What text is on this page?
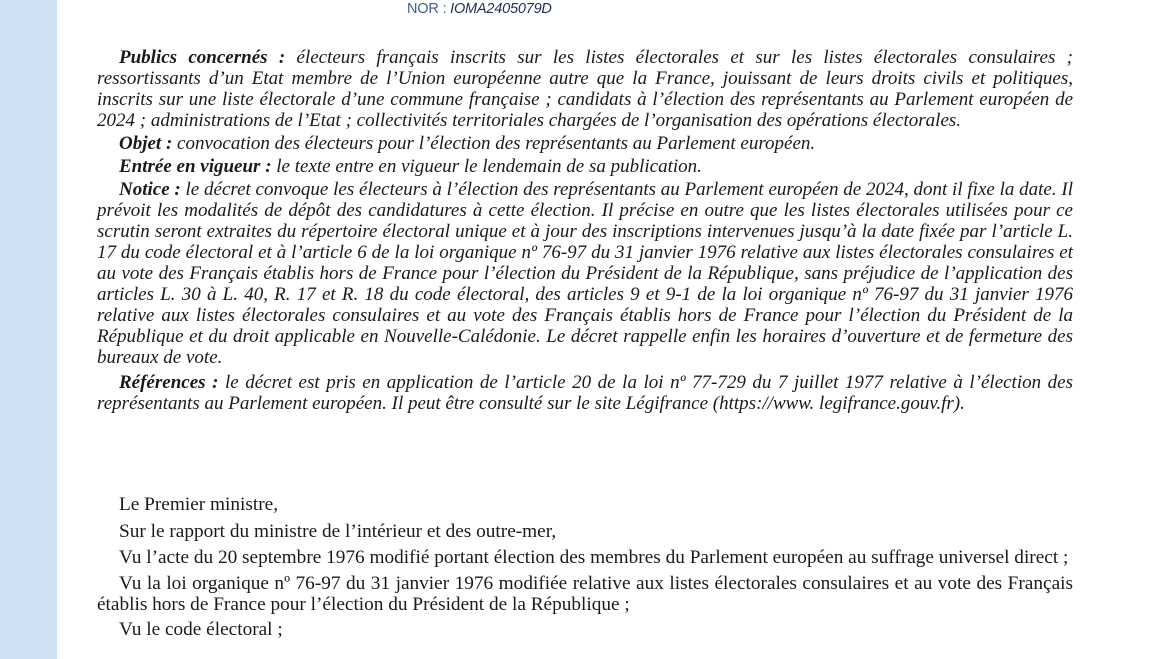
NOR : IOMA2405079D

Publics concernés : électeurs français inscrits sur les listes électorales et sur les listes électorales consulaires ; ressortissants d’un Etat membre de l’Union européenne autre que la France, jouissant de leurs droits civils et politiques, inscrits sur une liste électorale d’une commune française ; candidats à l’élection des représentants au Parlement européen de 2024 ; administrations de l’Etat ; collectivités territoriales chargées de l’organisation des opérations électorales.

Objet : convocation des électeurs pour l’élection des représentants au Parlement européen.

Entrée en vigueur : le texte entre en vigueur le lendemain de sa publication.

Notice : le décret convoque les électeurs à l’élection des représentants au Parlement européen de 2024, dont il fixe la date. Il prévoit les modalités de dépôt des candidatures à cette élection. Il précise en outre que les listes électorales utilisées pour ce scrutin seront extraites du répertoire électoral unique et à jour des inscriptions intervenues jusqu’à la date fixée par l’article L. 17 du code électoral et à l’article 6 de la loi organique nº 76-97 du 31 janvier 1976 relative aux listes électorales consulaires et au vote des Français établis hors de France pour l’élection du Président de la République, sans préjudice de l’application des articles L. 30 à L. 40, R. 17 et R. 18 du code électoral, des articles 9 et 9-1 de la loi organique nº 76-97 du 31 janvier 1976 relative aux listes électorales consulaires et au vote des Français établis hors de France pour l’élection du Président de la République et du droit applicable en Nouvelle-Calédonie. Le décret rappelle enfin les horaires d’ouverture et de fermeture des bureaux de vote.

Références : le décret est pris en application de l’article 20 de la loi nº 77-729 du 7 juillet 1977 relative à l’élection des représentants au Parlement européen. Il peut être consulté sur le site Légifrance (https://www. legifrance.gouv.fr).

Le Premier ministre,

Sur le rapport du ministre de l’intérieur et des outre-mer,

Vu l’acte du 20 septembre 1976 modifié portant élection des membres du Parlement européen au suffrage universel direct ;

Vu la loi organique nº 76-97 du 31 janvier 1976 modifiée relative aux listes électorales consulaires et au vote des Français établis hors de France pour l’élection du Président de la République ;

Vu le code électoral ;
